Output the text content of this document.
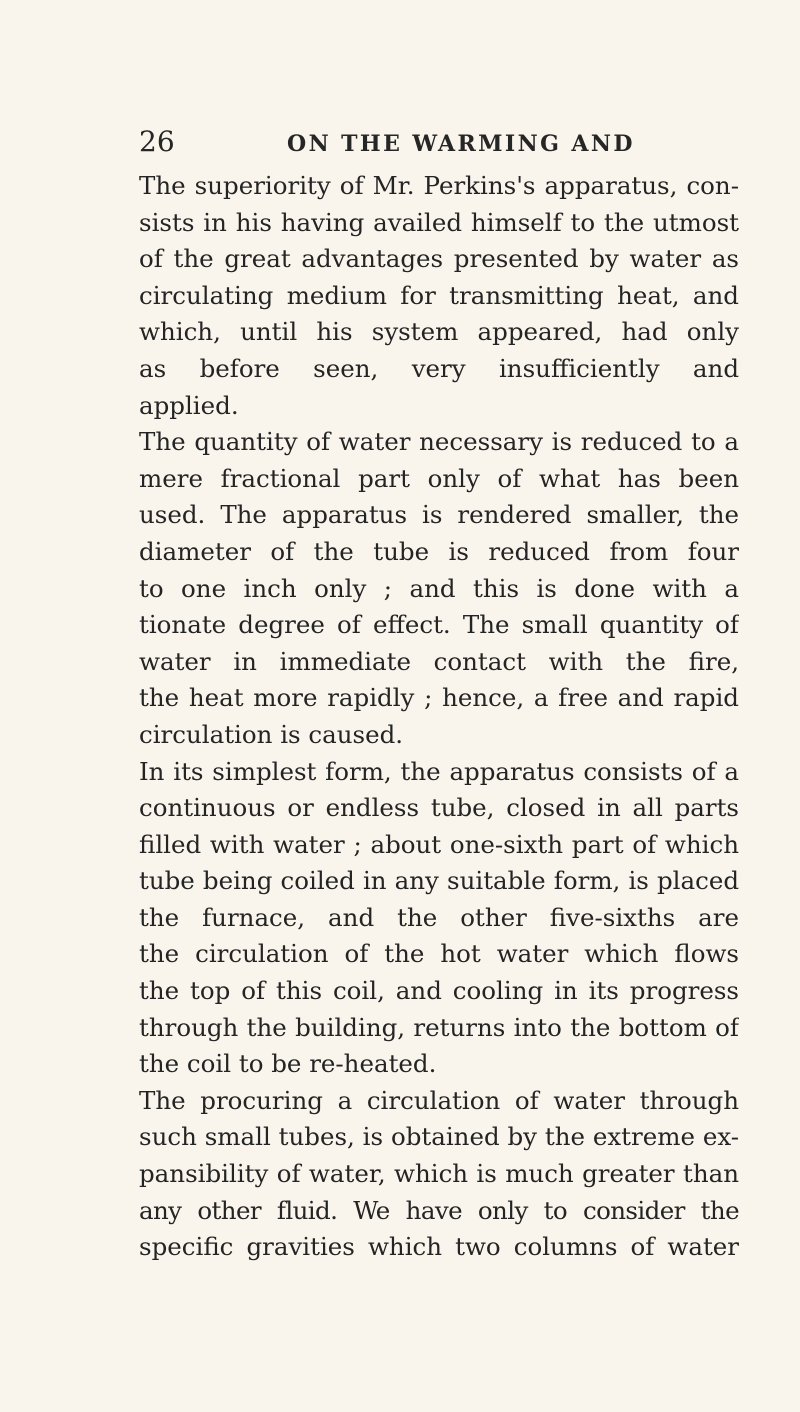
26	ON THE WARMING AND
The superiority of Mr. Perkins's apparatus, con-
sists in his having availed himself to the utmost
of the great advantages presented by water as
circulating medium for transmitting heat, and
which, until his system appeared, had only
as before seen, very insufficiently and
applied.
The quantity of water necessary is reduced to a
mere fractional part only of what has been
used. The apparatus is rendered smaller, the
diameter of the tube is reduced from four
to one inch only ; and this is done with a
tionate degree of effect. The small quantity of
water in immediate contact with the fire,
the heat more rapidly ; hence, a free and rapid
circulation is caused.
In its simplest form, the apparatus consists of a
continuous or endless tube, closed in all parts
filled with water ; about one-sixth part of which
tube being coiled in any suitable form, is placed
the furnace, and the other five-sixths are
the circulation of the hot water which flows
the top of this coil, and cooling in its progress
through the building, returns into the bottom of
the coil to be re-heated.
The procuring a circulation of water through
such small tubes, is obtained by the extreme ex-
pansibility of water, which is much greater than
any other fluid. We have only to consider the
specific gravities which two columns of water
